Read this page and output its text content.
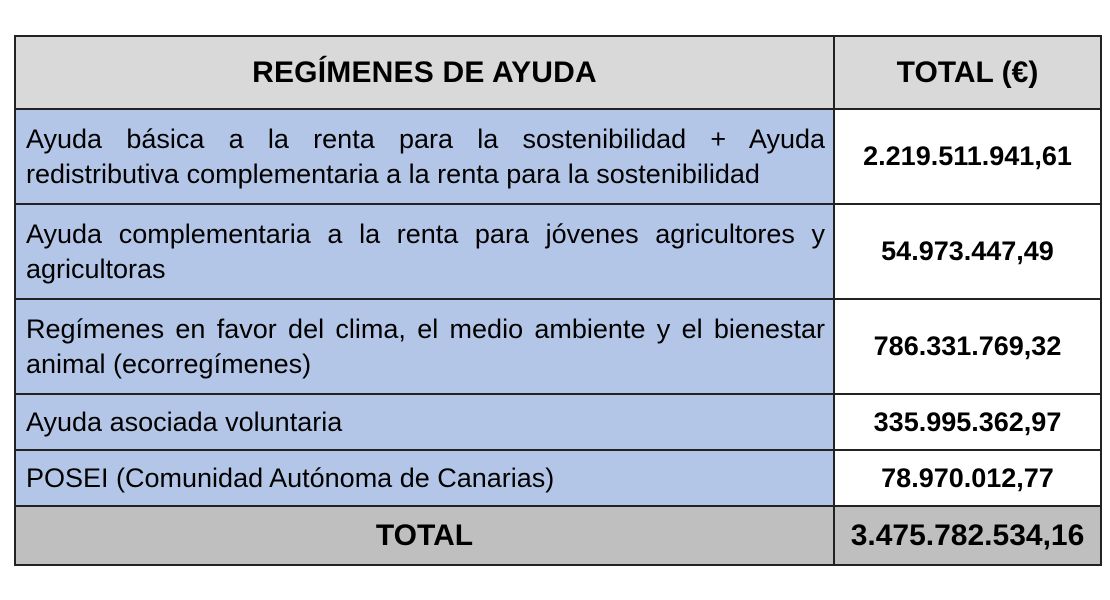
REGÍMENES DE AYUDA	TOTAL (€)
Ayuda básica a la renta para la sostenibilidad + Ayuda redistributiva complementaria a la renta para la sostenibilidad	2.219.511.941,61
Ayuda complementaria a la renta para jóvenes agricultores y agricultoras	54.973.447,49
Regímenes en favor del clima, el medio ambiente y el bienestar animal (ecorregímenes)	786.331.769,32
Ayuda asociada voluntaria	335.995.362,97
POSEI (Comunidad Autónoma de Canarias)	78.970.012,77
TOTAL	3.475.782.534,16
